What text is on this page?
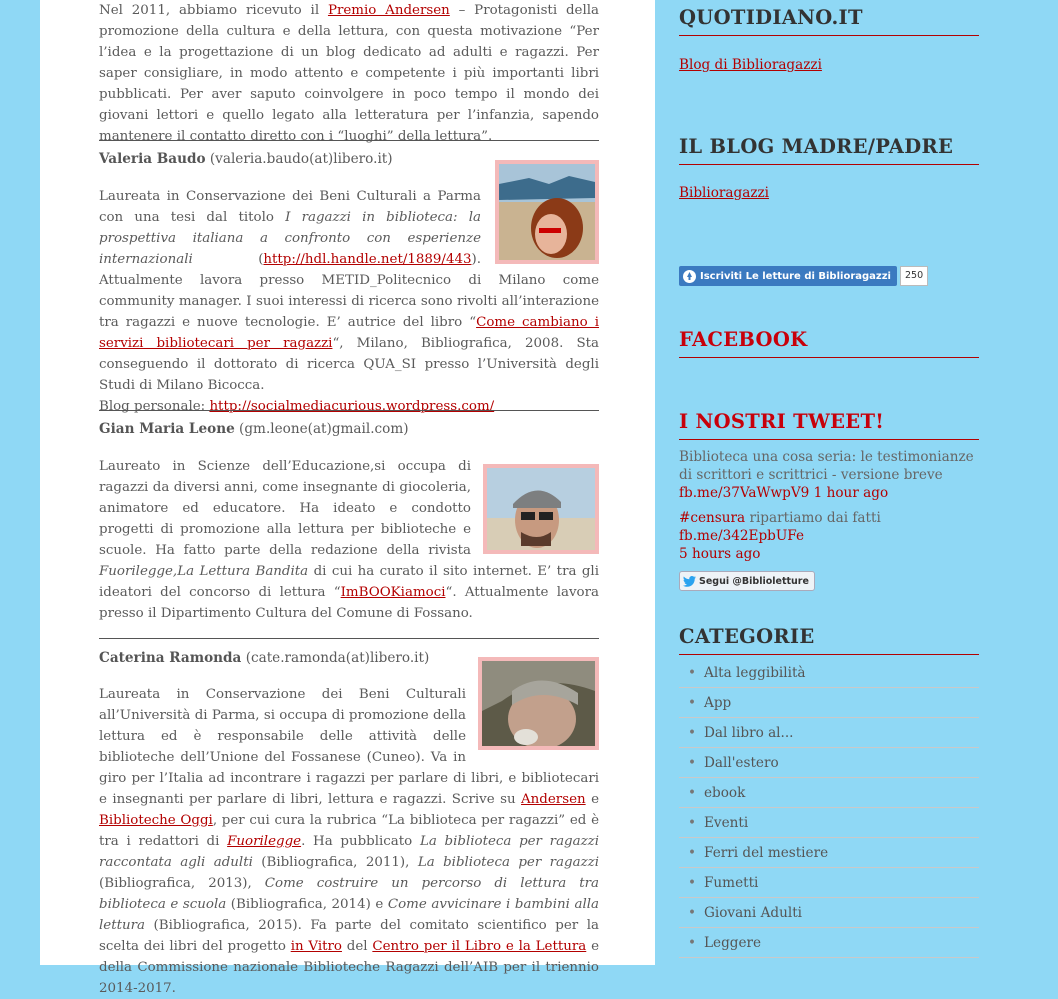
Nel 2011, abbiamo ricevuto il Premio Andersen – Protagonisti della promozione della cultura e della lettura, con questa motivazione “Per l’idea e la progettazione di un blog dedicato ad adulti e ragazzi. Per saper consigliare, in modo attento e competente i più importanti libri pubblicati. Per aver saputo coinvolgere in poco tempo il mondo dei giovani lettori e quello legato alla letteratura per l’infanzia, sapendo mantenere il contatto diretto con i “luoghi” della lettura”.

Valeria Baudo (valeria.baudo(at)libero.it)

Laureata in Conservazione dei Beni Culturali a Parma con una tesi dal titolo I ragazzi in biblioteca: la prospettiva italiana a confronto con esperienze internazionali (http://hdl.handle.net/1889/443). Attualmente lavora presso METID_Politecnico di Milano come community manager. I suoi interessi di ricerca sono rivolti all’interazione tra ragazzi e nuove tecnologie. E’ autrice del libro “Come cambiano i servizi bibliotecari per ragazzi“, Milano, Bibliografica, 2008. Sta conseguendo il dottorato di ricerca QUA_SI presso l’Università degli Studi di Milano Bicocca.
Blog personale: http://socialmediacurious.wordpress.com/

Gian Maria Leone (gm.leone(at)gmail.com)

Laureato in Scienze dell’Educazione,si occupa di ragazzi da diversi anni, come insegnante di giocoleria, animatore ed educatore. Ha ideato e condotto progetti di promozione alla lettura per biblioteche e scuole. Ha fatto parte della redazione della rivista Fuorilegge,La Lettura Bandita di cui ha curato il sito internet. E’ tra gli ideatori del concorso di lettura “ImBOOKiamoci“. Attualmente lavora presso il Dipartimento Cultura del Comune di Fossano.

Caterina Ramonda (cate.ramonda(at)libero.it)

Laureata in Conservazione dei Beni Culturali all’Università di Parma, si occupa di promozione della lettura ed è responsabile delle attività delle biblioteche dell’Unione del Fossanese (Cuneo). Va in giro per l’Italia ad incontrare i ragazzi per parlare di libri, e bibliotecari e insegnanti per parlare di libri, lettura e ragazzi. Scrive su Andersen e Biblioteche Oggi, per cui cura la rubrica “La biblioteca per ragazzi” ed è tra i redattori di Fuorilegge. Ha pubblicato La biblioteca per ragazzi raccontata agli adulti (Bibliografica, 2011), La biblioteca per ragazzi (Bibliografica, 2013), Come costruire un percorso di lettura tra biblioteca e scuola (Bibliografica, 2014) e Come avvicinare i bambini alla lettura (Bibliografica, 2015). Fa parte del comitato scientifico per la scelta dei libri del progetto in Vitro del Centro per il Libro e la Lettura e della Commissione nazionale Biblioteche Ragazzi dell’AIB per il triennio 2014-2017.

QUOTIDIANO.IT
Blog di Biblioragazzi
IL BLOG MADRE/PADRE
Biblioragazzi
Iscriviti Le letture di Biblioragazzi 250
FACEBOOK
I NOSTRI TWEET!
Biblioteca una cosa seria: le testimonianze di scrittori e scrittrici - versione breve fb.me/37VaWwpV9 1 hour ago
#censura ripartiamo dai fatti fb.me/342EpbUFe
5 hours ago
Segui @Biblioletture
CATEGORIE
• Alta leggibilità
• App
• Dal libro al...
• Dall'estero
• ebook
• Eventi
• Ferri del mestiere
• Fumetti
• Giovani Adulti
• Leggere
